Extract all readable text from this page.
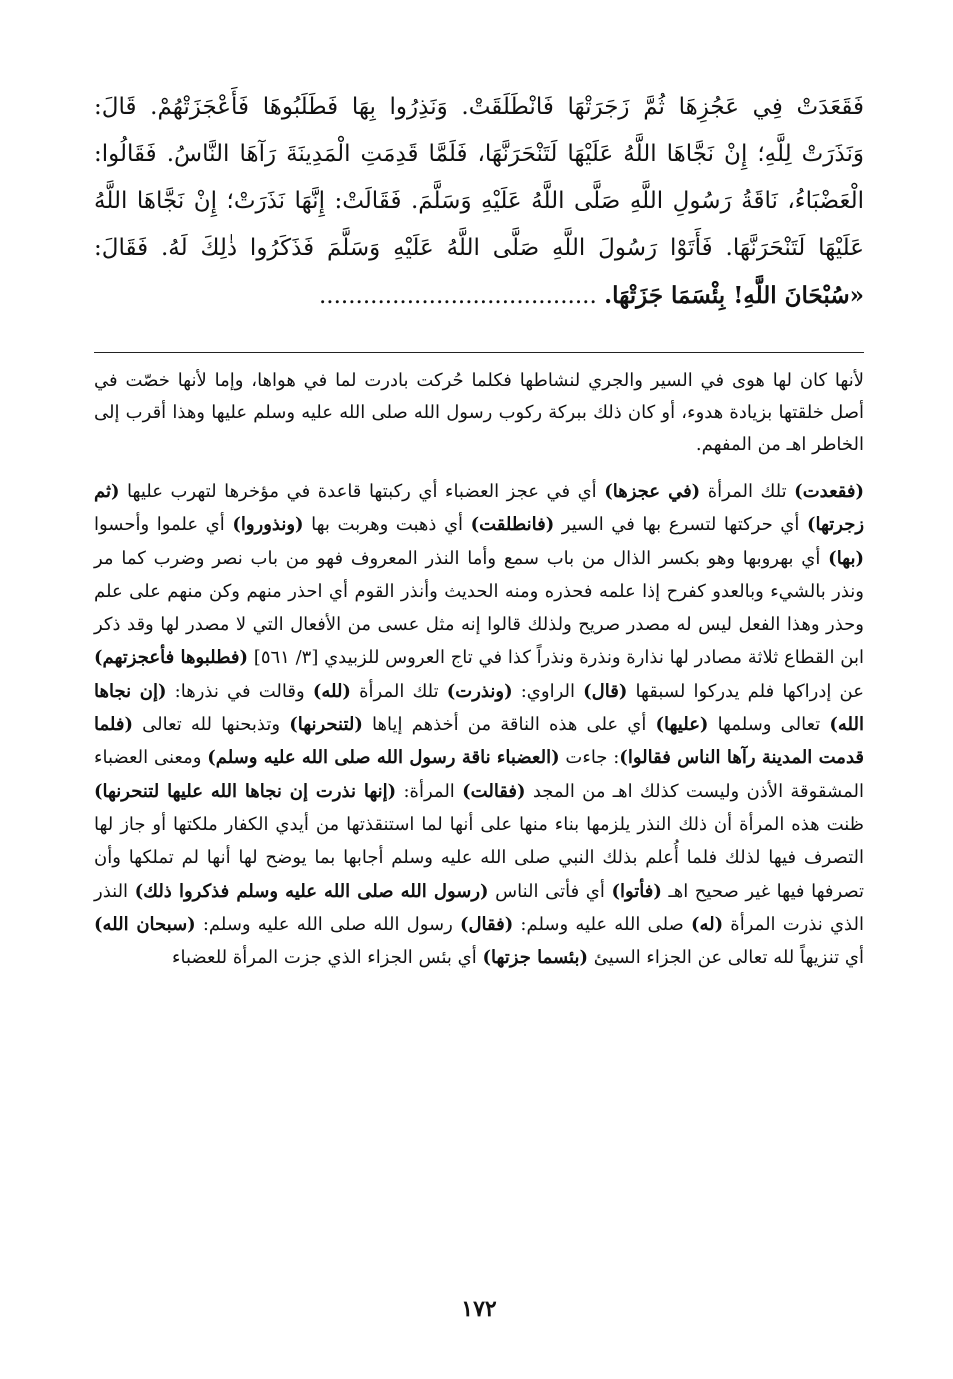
فَقَعَدَتْ فِي عَجُزِهَا ثُمَّ زَجَرَتْهَا فَانْطَلَقَتْ. وَنَذِرُوا بِهَا فَطَلَبُوهَا فَأَعْجَزَتْهُمْ. قَالَ: وَنَذَرَتْ لِلَّهِ؛ إِنْ نَجَّاهَا اللَّهُ عَلَيْهَا لَتَنْحَرَنَّهَا، فَلَمَّا قَدِمَتِ الْمَدِينَةَ رَآهَا النَّاسُ. فَقَالُوا: الْعَضْبَاءُ، نَاقَةُ رَسُولِ اللَّهِ صَلَّى اللَّهُ عَلَيْهِ وَسَلَّمَ. فَقَالَتْ: إِنَّهَا نَذَرَتْ؛ إِنْ نَجَّاهَا اللَّهُ عَلَيْهَا لَتَنْحَرَنَّهَا. فَأَتَوْا رَسُولَ اللَّهِ صَلَّى اللَّهُ عَلَيْهِ وَسَلَّمَ فَذَكَرُوا ذٰلِكَ لَهُ. فَقَالَ: «سُبْحَانَ اللَّهِ! بِئْسَمَا جَزَتْهَا. ......................................

لأنها كان لها هوى في السير والجري لنشاطها فكلما حُركت بادرت لما في هواها، وإما لأنها خصّت في أصل خلقتها بزيادة هدوء، أو كان ذلك ببركة ركوب رسول الله صلى الله عليه وسلم عليها وهذا أقرب إلى الخاطر اهـ من المفهم.

(فقعدت) تلك المرأة (في عجزها) أي في عجز العضباء أي ركبتها قاعدة في مؤخرها لتهرب عليها (ثم زجرتها) أي حركتها لتسرع بها في السير (فانطلقت) أي ذهبت وهربت بها (ونذوروا) أي علموا وأحسوا (بها) أي بهروبها وهو بكسر الذال من باب سمع وأما النذر المعروف فهو من باب نصر وضرب كما مر ونذر بالشيء وبالعدو كفرح إذا علمه فحذره ومنه الحديث وأنذر القوم أي احذر منهم وكن منهم على علم وحذر وهذا الفعل ليس له مصدر صريح ولذلك قالوا إنه مثل عسى من الأفعال التي لا مصدر لها وقد ذكر ابن القطاع ثلاثة مصادر لها نذارة ونذرة ونذراً كذا في تاج العروس للزبيدي [٣/ ٥٦١] (فطلبوها فأعجزتهم) عن إدراكها فلم يدركوا لسبقها (قال) الراوي: (ونذرت) تلك المرأة (لله) وقالت في نذرها: (إن نجاها الله) تعالى وسلمها (عليها) أي على هذه الناقة من أخذهم إياها (لتنحرنها) وتذبحنها لله تعالى (فلما قدمت المدينة رآها الناس فقالوا): جاءت (العضباء ناقة رسول الله صلى الله عليه وسلم) ومعنى العضباء المشقوقة الأذن وليست كذلك اهـ من المجد (فقالت) المرأة: (إنها نذرت إن نجاها الله عليها لتنحرنها) ظنت هذه المرأة أن ذلك النذر يلزمها بناء منها على أنها لما استنقذتها من أيدي الكفار ملكتها أو جاز لها التصرف فيها لذلك فلما أُعلم بذلك النبي صلى الله عليه وسلم أجابها بما يوضح لها أنها لم تملكها وأن تصرفها فيها غير صحيح اهـ (فأتوا) أي فأتى الناس (رسول الله صلى الله عليه وسلم فذكروا ذلك) النذر الذي نذرت المرأة (له) صلى الله عليه وسلم: (فقال) رسول الله صلى الله عليه وسلم: (سبحان الله) أي تنزيهاً لله تعالى عن الجزاء السيئ (بئسما جزتها) أي بئس الجزاء الذي جزت المرأة للعضباء

١٧٢
